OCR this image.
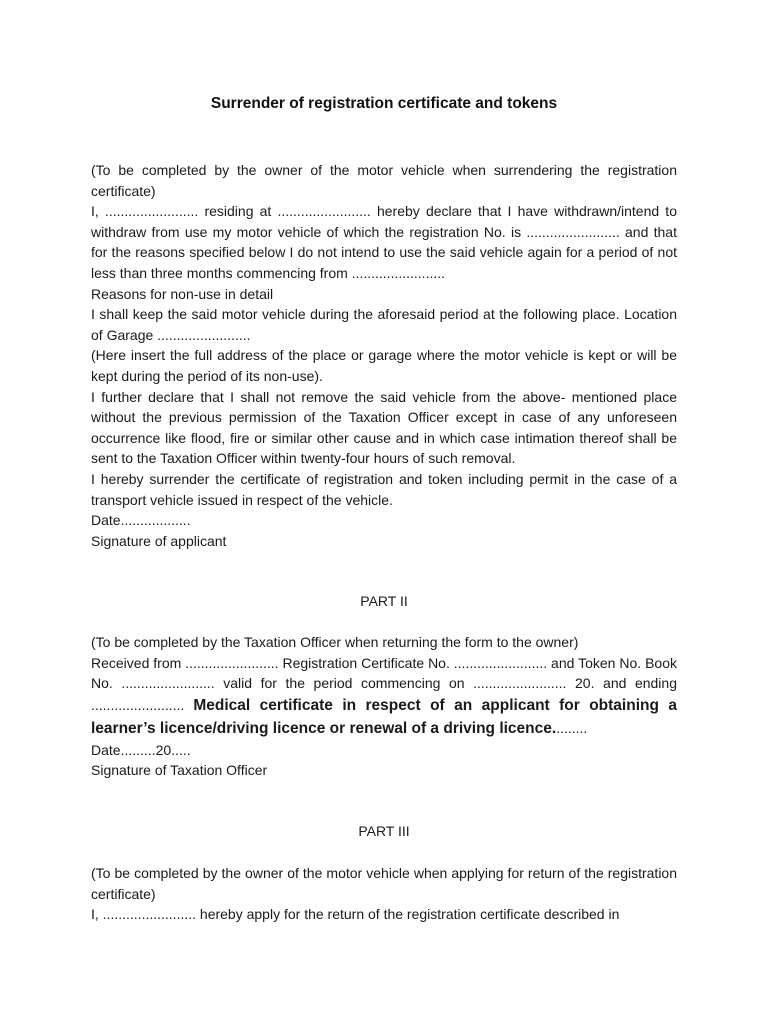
Surrender of registration certificate and tokens

(To be completed by the owner of the motor vehicle when surrendering the registration certificate)

I, ........................ residing at ........................ hereby declare that I have withdrawn/intend to withdraw from use my motor vehicle of which the registration No. is ........................ and that for the reasons specified below I do not intend to use the said vehicle again for a period of not less than three months commencing from ........................

Reasons for non-use in detail

I shall keep the said motor vehicle during the aforesaid period at the following place. Location of Garage ........................

(Here insert the full address of the place or garage where the motor vehicle is kept or will be kept during the period of its non-use).

I further declare that I shall not remove the said vehicle from the above- mentioned place without the previous permission of the Taxation Officer except in case of any unforeseen occurrence like flood, fire or similar other cause and in which case intimation thereof shall be sent to the Taxation Officer within twenty-four hours of such removal.

I hereby surrender the certificate of registration and token including permit in the case of a transport vehicle issued in respect of the vehicle.

Date..................

Signature of applicant

PART II

(To be completed by the Taxation Officer when returning the form to the owner)

Received from ........................ Registration Certificate No. ........................ and Token No. Book No. ........................ valid for the period commencing on ........................ 20. and ending ........................ Medical certificate in respect of an applicant for obtaining a learner’s licence/driving licence or renewal of a driving licence.........

Date.........20.....

Signature of Taxation Officer

PART III

(To be completed by the owner of the motor vehicle when applying for return of the registration certificate)

I, ........................ hereby apply for the return of the registration certificate described in
